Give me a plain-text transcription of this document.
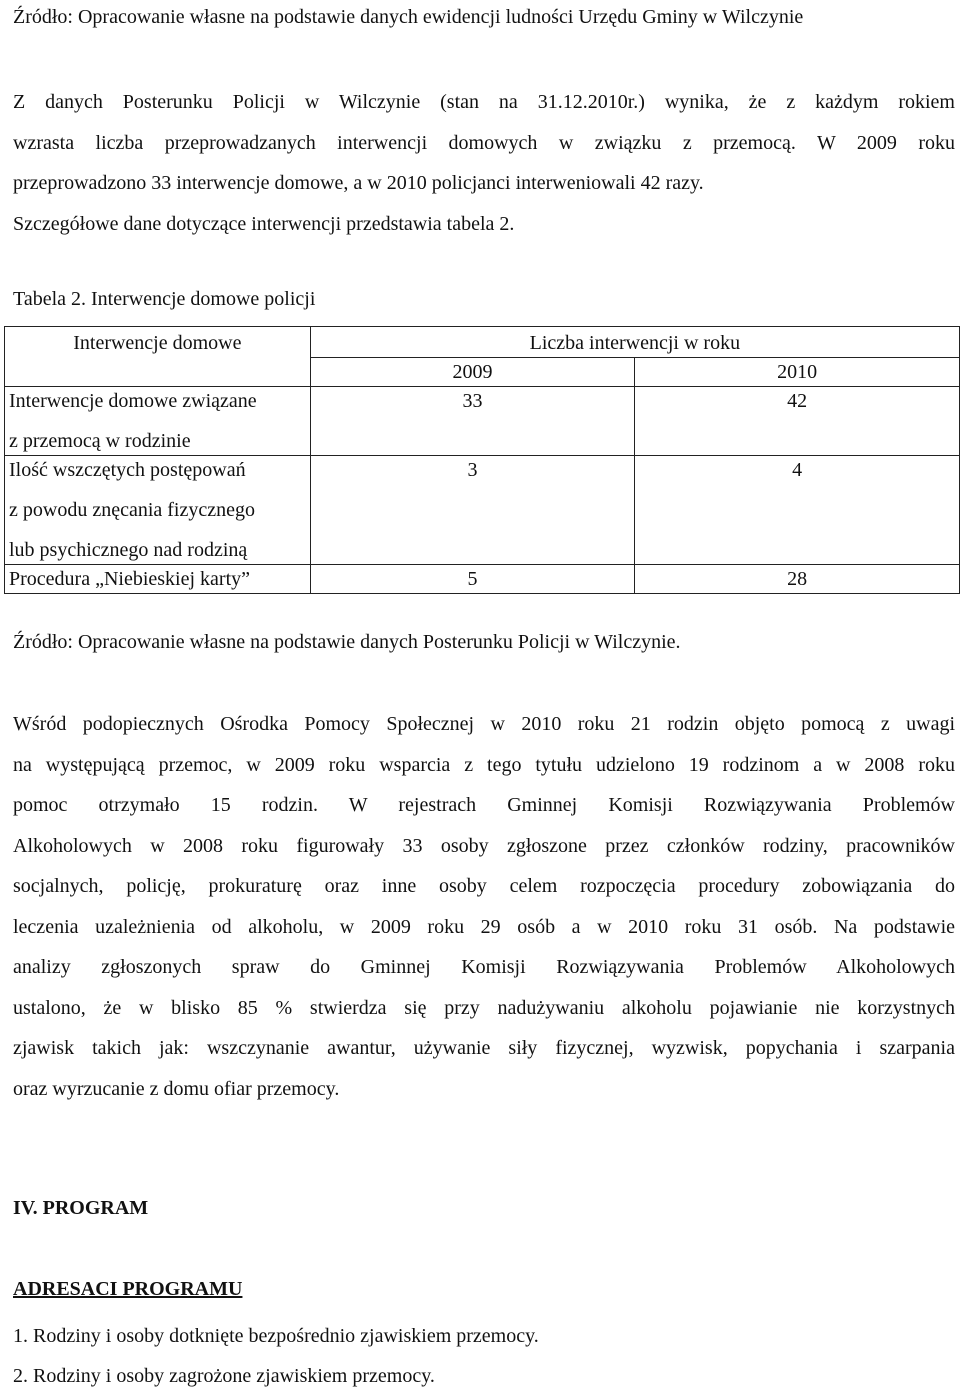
Źródło: Opracowanie własne na podstawie danych ewidencji ludności Urzędu Gminy w Wilczynie
Z danych Posterunku Policji w Wilczynie (stan na 31.12.2010r.) wynika, że z każdym rokiem
wzrasta liczba przeprowadzanych interwencji domowych w związku z przemocą. W 2009 roku
przeprowadzono 33 interwencje domowe, a w 2010 policjanci interweniowali 42 razy.
Szczegółowe dane dotyczące interwencji przedstawia tabela 2.
Tabela 2. Interwencje domowe policji
Interwencje domowe	Liczba interwencji w roku	

	2009	2010

Interwencje domowe związane
z przemocą w rodzinie	33	42

Ilość wszczętych postępowań
z powodu znęcania fizycznego
lub psychicznego nad rodziną	3	4

Procedura „Niebieskiej karty”	5	28
Źródło: Opracowanie własne na podstawie danych Posterunku Policji w Wilczynie.
Wśród podopiecznych Ośrodka Pomocy Społecznej w 2010 roku 21 rodzin objęto pomocą z uwagi
na występującą przemoc, w 2009 roku wsparcia z tego tytułu udzielono 19 rodzinom a w 2008 roku
pomoc otrzymało 15 rodzin. W rejestrach Gminnej Komisji Rozwiązywania Problemów
Alkoholowych w 2008 roku figurowały 33 osoby zgłoszone przez członków rodziny, pracowników
socjalnych, policję, prokuraturę oraz inne osoby celem rozpoczęcia procedury zobowiązania do
leczenia uzależnienia od alkoholu, w 2009 roku 29 osób a w 2010 roku 31 osób. Na podstawie
analizy zgłoszonych spraw do Gminnej Komisji Rozwiązywania Problemów Alkoholowych
ustalono, że w blisko 85 % stwierdza się przy nadużywaniu alkoholu pojawianie nie korzystnych
zjawisk takich jak: wszczynanie awantur, używanie siły fizycznej, wyzwisk, popychania i szarpania
oraz wyrzucanie z domu ofiar przemocy.
IV. PROGRAM
ADRESACI PROGRAMU
1. Rodziny i osoby dotknięte bezpośrednio zjawiskiem przemocy.
2. Rodziny i osoby zagrożone zjawiskiem przemocy.
